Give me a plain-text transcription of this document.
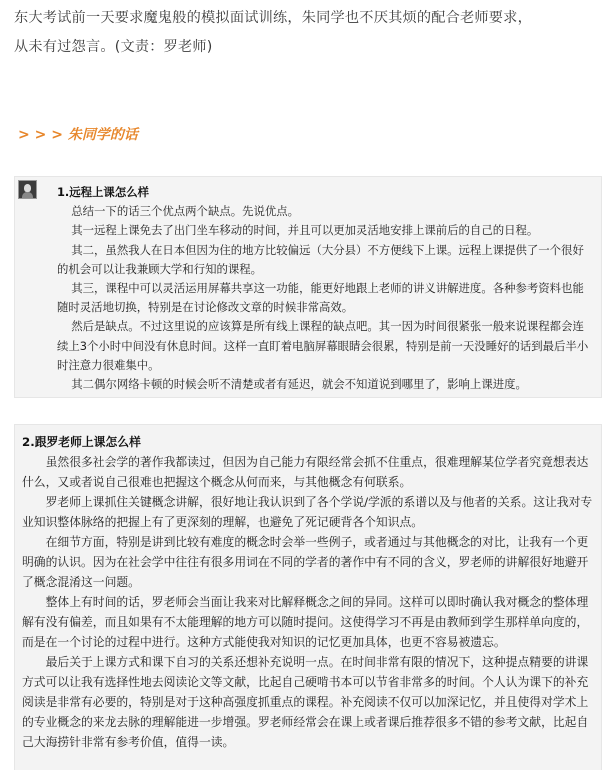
东大考试前一天要求魔鬼般的模拟面试训练，朱同学也不厌其烦的配合老师要求，

从未有过怨言。(文责：罗老师)

> > > 朱同学的话

1.远程上课怎么样

总结一下的话三个优点两个缺点。先说优点。

其一远程上课免去了出门坐车移动的时间，并且可以更加灵活地安排上课前后的自己的日程。

其二，虽然我人在日本但因为住的地方比较偏远（大分县）不方便线下上课。远程上课提供了一个很好的机会可以让我兼顾大学和行知的课程。

其三，课程中可以灵活运用屏幕共享这一功能，能更好地跟上老师的讲义讲解进度。各种参考资料也能随时灵活地切换，特别是在讨论修改文章的时候非常高效。

然后是缺点。不过这里说的应该算是所有线上课程的缺点吧。其一因为时间很紧张一般来说课程都会连续上3个小时中间没有休息时间。这样一直盯着电脑屏幕眼睛会很累，特别是前一天没睡好的话到最后半小时注意力很难集中。

其二偶尔网络卡顿的时候会听不清楚或者有延迟，就会不知道说到哪里了，影响上课进度。

2.跟罗老师上课怎么样

虽然很多社会学的著作我都读过，但因为自己能力有限经常会抓不住重点，很难理解某位学者究竟想表达什么，又或者说自己很难也把握这个概念从何而来，与其他概念有何联系。

罗老师上课抓住关键概念讲解，很好地让我认识到了各个学说/学派的系谱以及与他者的关系。这让我对专业知识整体脉络的把握上有了更深刻的理解，也避免了死记硬背各个知识点。

在细节方面，特别是讲到比较有难度的概念时会举一些例子，或者通过与其他概念的对比，让我有一个更明确的认识。因为在社会学中往往有很多用词在不同的学者的著作中有不同的含义，罗老师的讲解很好地避开了概念混淆这一问题。

整体上有时间的话，罗老师会当面让我来对比解释概念之间的异同。这样可以即时确认我对概念的整体理解有没有偏差，而且如果有不太能理解的地方可以随时提问。这使得学习不再是由教师到学生那样单向度的，而是在一个讨论的过程中进行。这种方式能使我对知识的记忆更加具体，也更不容易被遗忘。

最后关于上课方式和课下自习的关系还想补充说明一点。在时间非常有限的情况下，这种提点精要的讲课方式可以让我有选择性地去阅读论文等文献，比起自己硬啃书本可以节省非常多的时间。个人认为课下的补充阅读是非常有必要的，特别是对于这种高强度抓重点的课程。补充阅读不仅可以加深记忆，并且使得对学术上的专业概念的来龙去脉的理解能进一步增强。罗老师经常会在课上或者课后推荐很多不错的参考文献，比起自己大海捞针非常有参考价值，值得一读。
